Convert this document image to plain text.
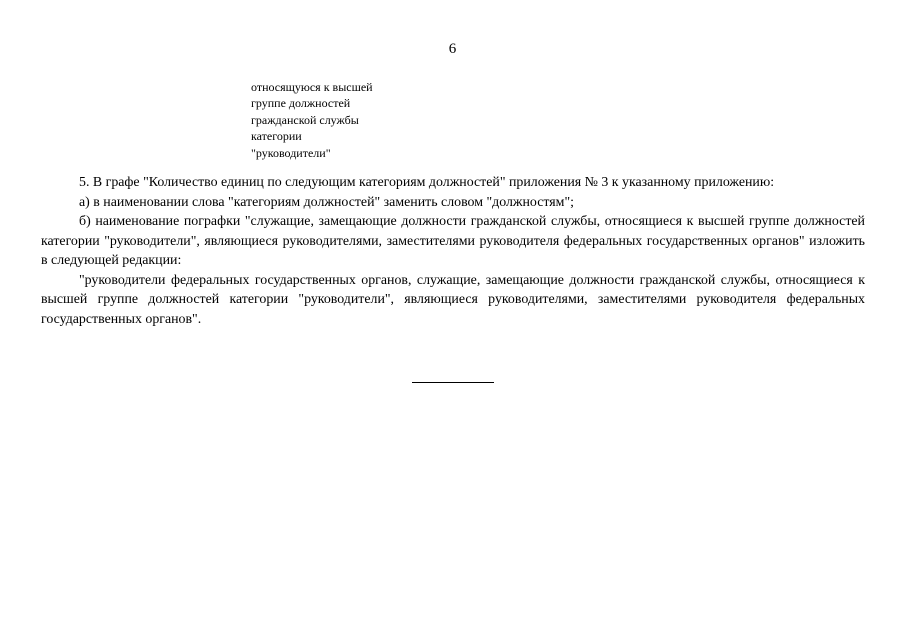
6
относящуюся к высшей
группе должностей
гражданской службы
категории
"руководители"

5. В графе "Количество единиц по следующим категориям должностей" приложения № 3 к указанному приложению:

а) в наименовании слова "категориям должностей" заменить словом "должностям";

б) наименование пографки "служащие, замещающие должности гражданской службы, относящиеся к высшей группе должностей категории "руководители", являющиеся руководителями, заместителями руководителя федеральных государственных органов" изложить в следующей редакции:

"руководители федеральных государственных органов, служащие, замещающие должности гражданской службы, относящиеся к высшей группе должностей категории "руководители", являющиеся руководителями, заместителями руководителя федеральных государственных органов".
